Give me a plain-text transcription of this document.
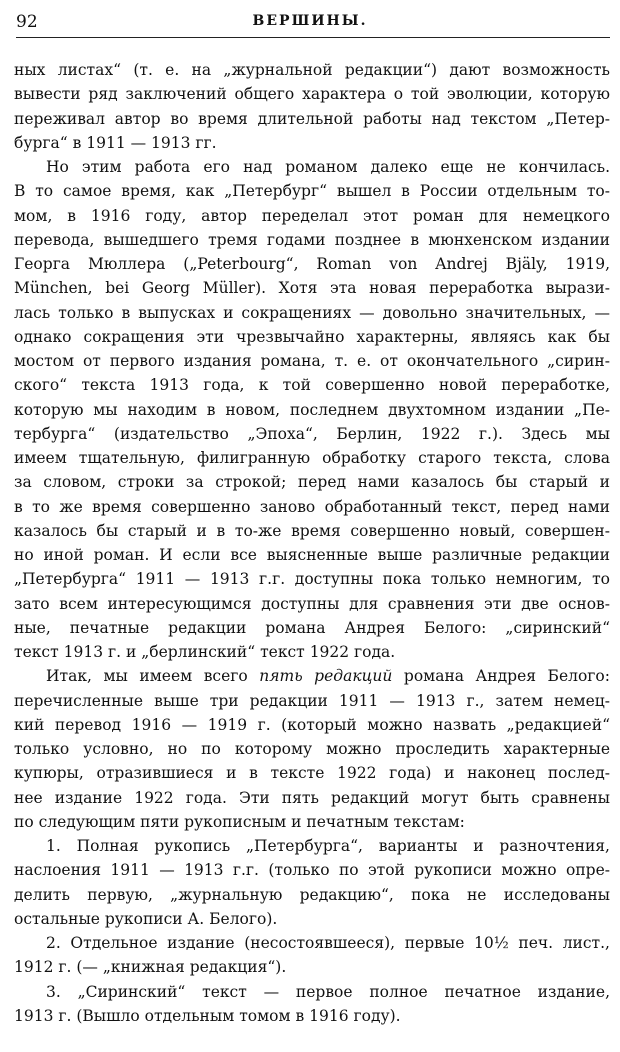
92	ВЕРШИНЫ.
ных листах“ (т. е. на „журнальной редакции“) дают возможность
вывести ряд заключений общего характера о той эволюции, которую
переживал автор во время длительной работы над текстом „Петер-
бурга“ в 1911 — 1913 гг.
Но этим работа его над романом далеко еще не кончилась.
В то самое время, как „Петербург“ вышел в России отдельным то-
мом, в 1916 году, автор переделал этот роман для немецкого
перевода, вышедшего тремя годами позднее в мюнхенском издании
Георга Мюллера („Peterbourg“, Roman von Andrej Bjäly, 1919,
München, bei Georg Müller). Хотя эта новая переработка вырази-
лась только в выпусках и сокращениях — довольно значительных, —
однако сокращения эти чрезвычайно характерны, являясь как бы
мостом от первого издания романа, т. е. от окончательного „сирин-
ского“ текста 1913 года, к той совершенно новой переработке,
которую мы находим в новом, последнем двухтомном издании „Пе-
тербурга“ (издательство „Эпоха“, Берлин, 1922 г.). Здесь мы
имеем тщательную, филигранную обработку старого текста, слова
за словом, строки за строкой; перед нами казалось бы старый и
в то же время совершенно заново обработанный текст, перед нами
казалось бы старый и в то-же время совершенно новый, совершен-
но иной роман. И если все выясненные выше различные редакции
„Петербурга“ 1911 — 1913 г.г. доступны пока только немногим, то
зато всем интересующимся доступны для сравнения эти две основ-
ные, печатные редакции романа Андрея Белого: „сиринский“
текст 1913 г. и „берлинский“ текст 1922 года.
Итак, мы имеем всего пять редакций романа Андрея Белого:
перечисленные выше три редакции 1911 — 1913 г., затем немец-
кий перевод 1916 — 1919 г. (который можно назвать „редакцией“
только условно, но по которому можно проследить характерные
купюры, отразившиеся и в тексте 1922 года) и наконец послед-
нее издание 1922 года. Эти пять редакций могут быть сравнены
по следующим пяти рукописным и печатным текстам:
1. Полная рукопись „Петербурга“, варианты и разночтения,
наслоения 1911 — 1913 г.г. (только по этой рукописи можно опре-
делить первую, „журнальную редакцию“, пока не исследованы
остальные рукописи А. Белого).
2. Отдельное издание (несостоявшееся), первые 10½ печ. лист.,
1912 г. (— „книжная редакция“).
3. „Сиринский“ текст — первое полное печатное издание,
1913 г. (Вышло отдельным томом в 1916 году).
